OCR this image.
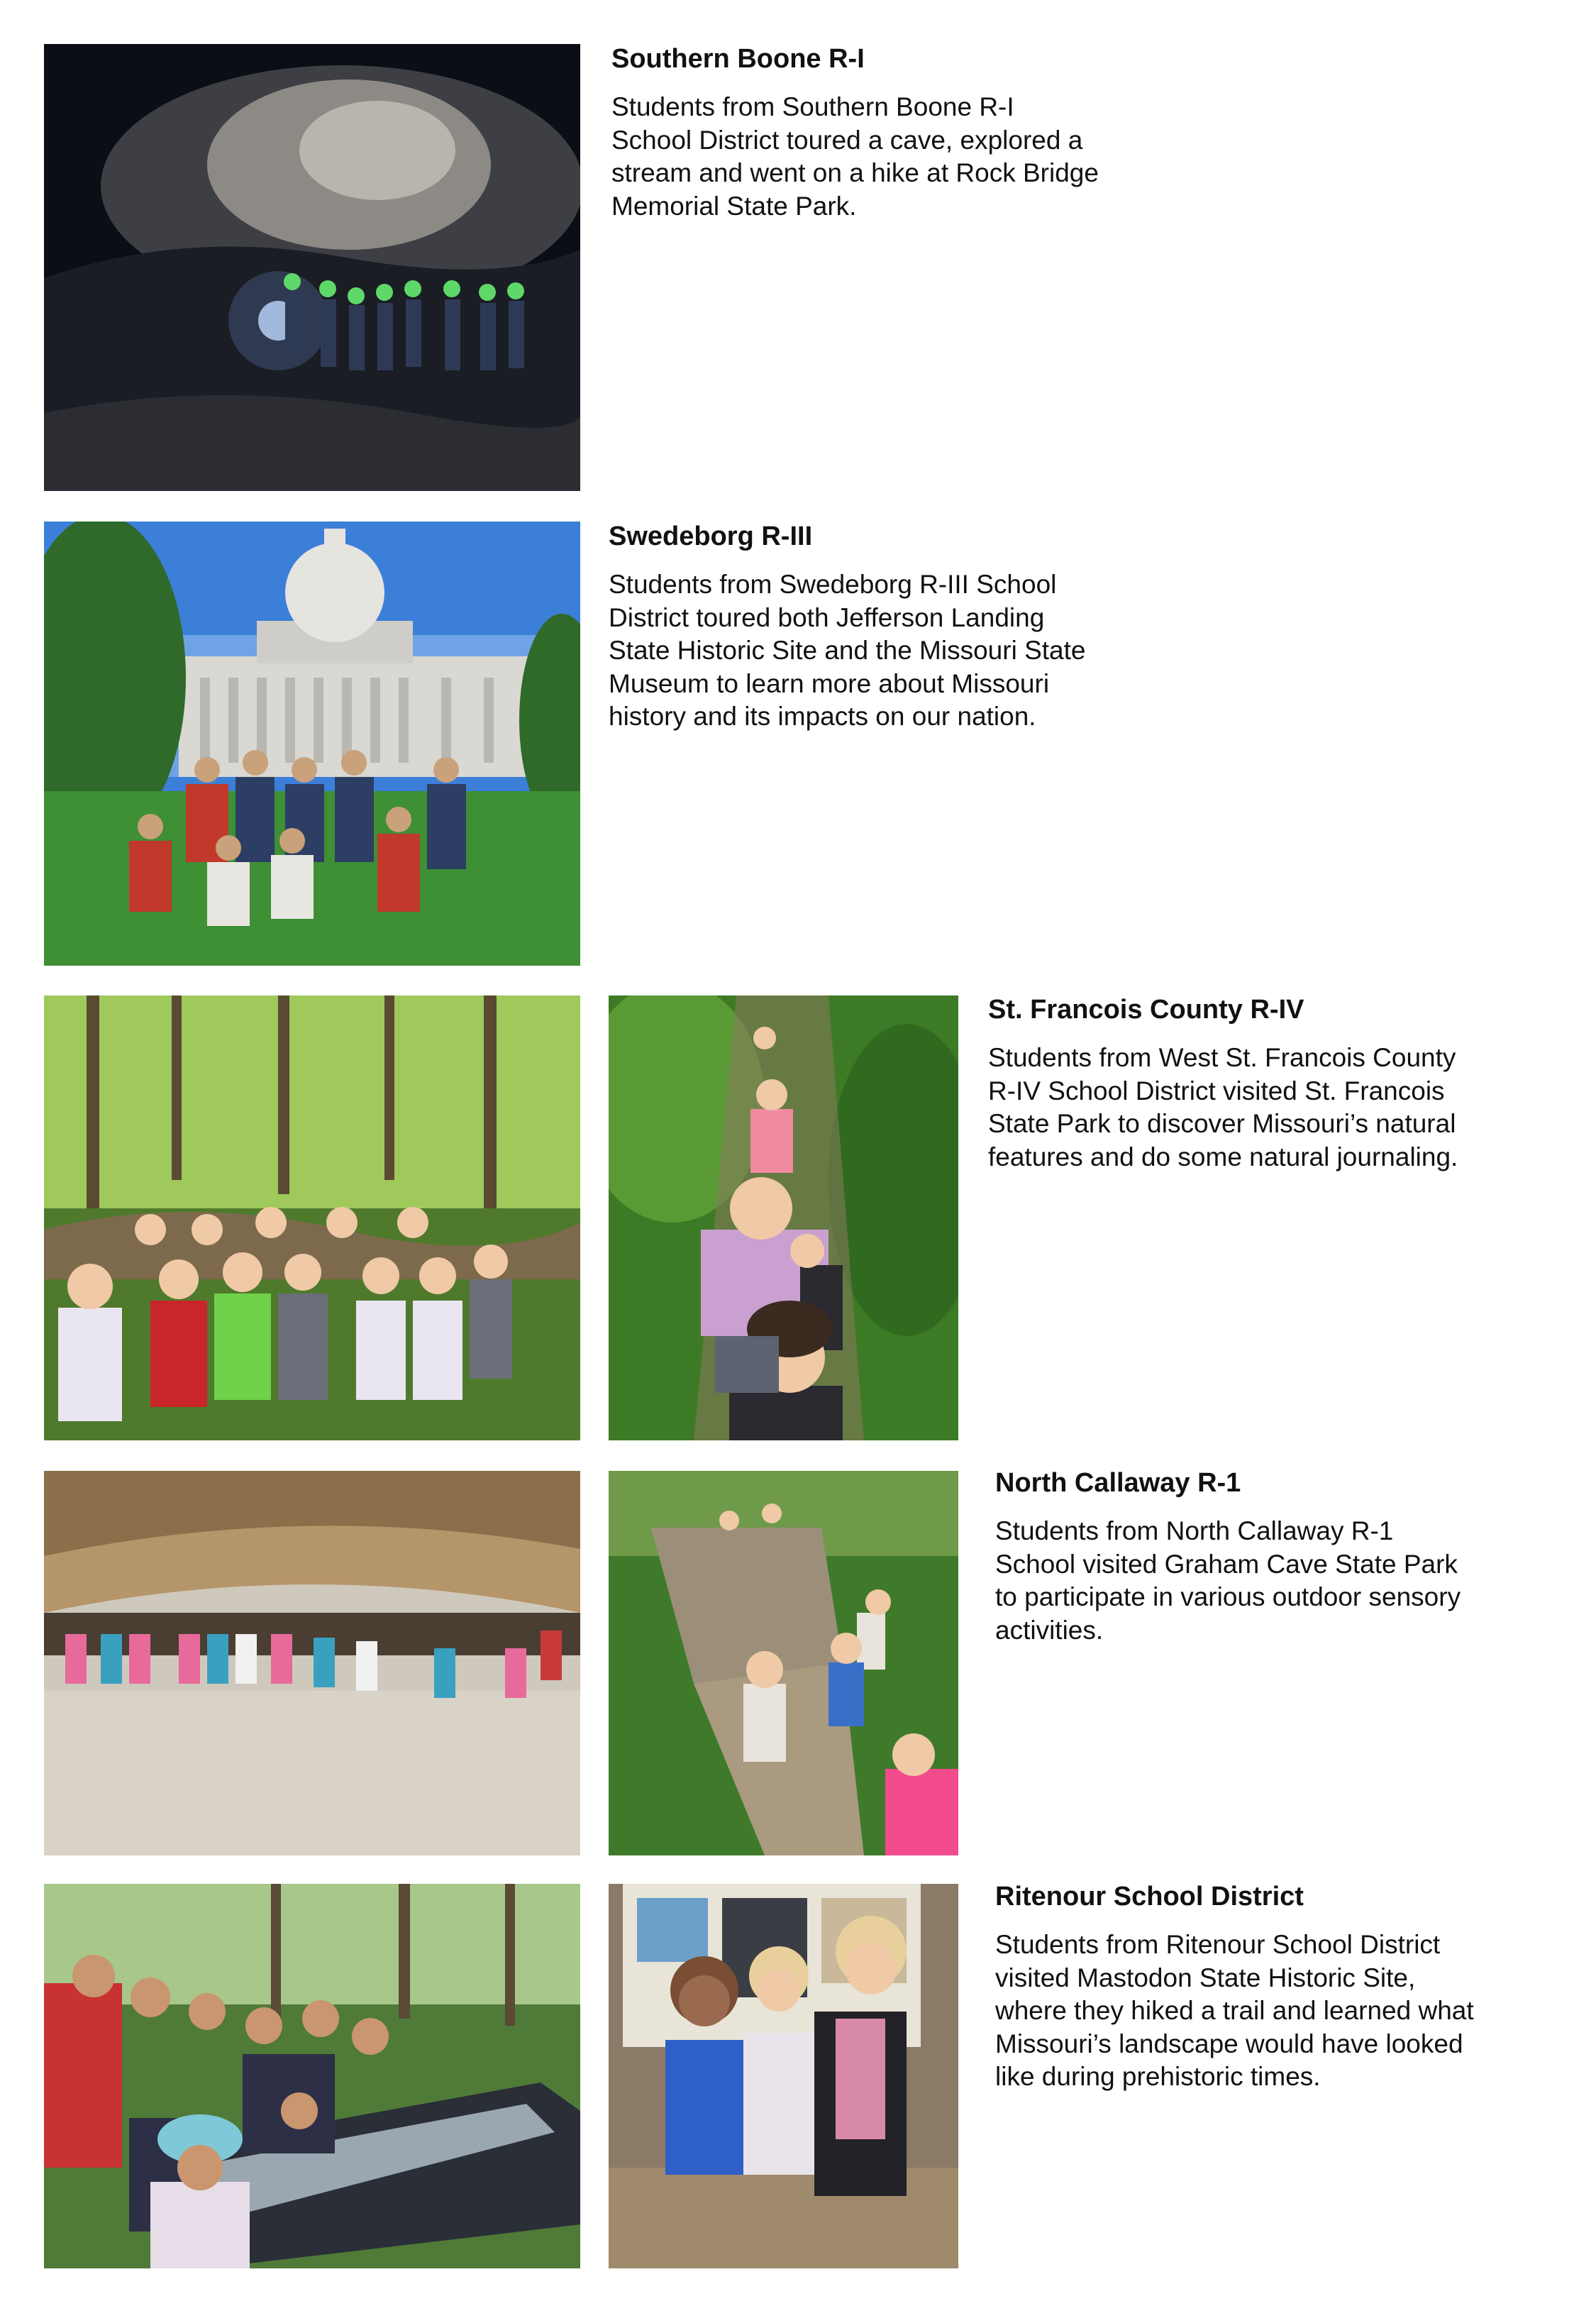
Southern Boone R-I

Students from Southern Boone R-I
School District toured a cave, explored a
stream and went on a hike at Rock Bridge
Memorial State Park.

Swedeborg R-III

Students from Swedeborg R-III School
District toured both Jefferson Landing
State Historic Site and the Missouri State
Museum to learn more about Missouri
history and its impacts on our nation.

St. Francois County R-IV

Students from West St. Francois County
R-IV School District visited St. Francois
State Park to discover Missouri’s natural
features and do some natural journaling.

North Callaway R-1

Students from North Callaway R-1
School visited Graham Cave State Park
to participate in various outdoor sensory
activities.

Ritenour School District

Students from Ritenour School District
visited Mastodon State Historic Site,
where they hiked a trail and learned what
Missouri’s landscape would have looked
like during prehistoric times.
